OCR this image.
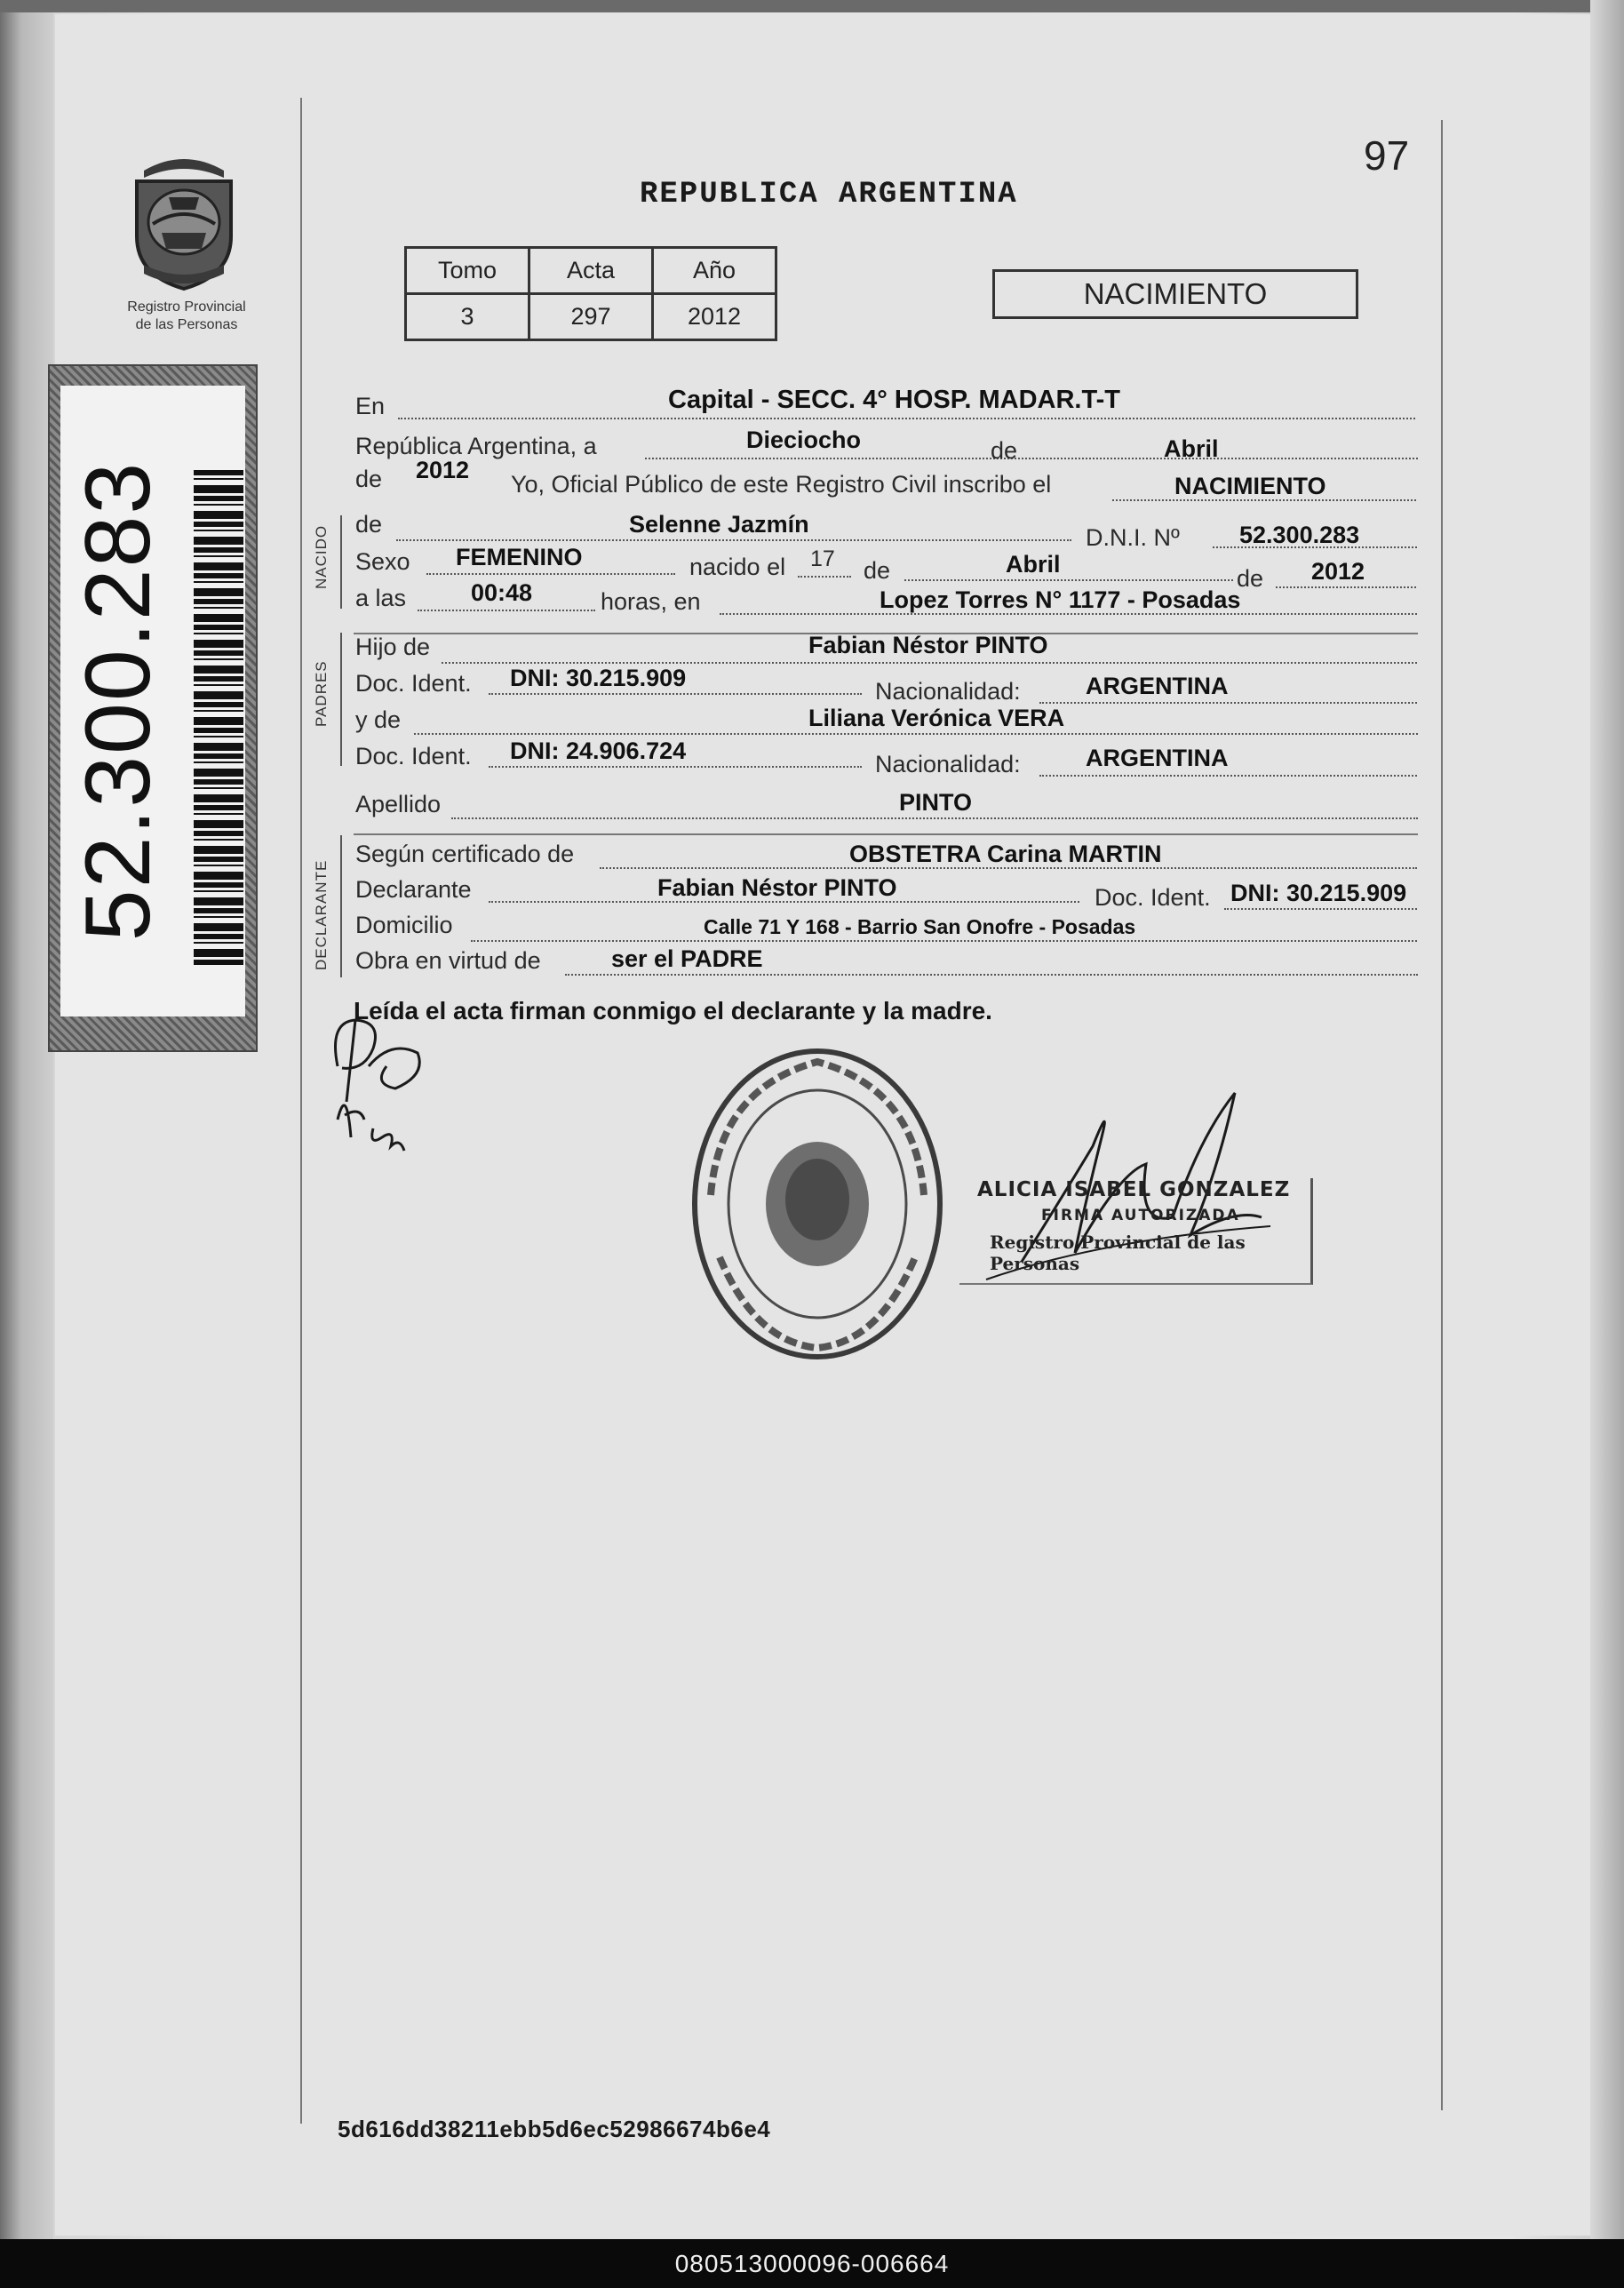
Registro Provincial
de las Personas
52.300.283
97
REPUBLICA ARGENTINA
Tomo	Acta	Año
3	297	2012
NACIMIENTO
NACIDO
PADRES
DECLARANTE
En	Capital - SECC. 4° HOSP. MADAR.T-T
República Argentina, a	Dieciocho	de	Abril
de 2012
Yo, Oficial Público de este Registro Civil inscribo el	NACIMIENTO
de	Selenne Jazmín	D.N.I. Nº 52.300.283
Sexo FEMENINO	nacido el 17 de	Abril
de 2012
a las	00:48	horas, en	Lopez Torres N° 1177 - Posadas
Hijo de	Fabian Néstor PINTO
Doc. Ident. DNI: 30.215.909	Nacionalidad:	ARGENTINA
y de	Liliana Verónica VERA
Doc. Ident. DNI: 24.906.724	Nacionalidad:	ARGENTINA
Apellido	PINTO
Según certificado de	OBSTETRA Carina MARTIN
Declarante	Fabian Néstor PINTO	Doc. Ident. DNI: 30.215.909
Domicilio	Calle 71 Y 168 - Barrio San Onofre - Posadas
Obra en virtud de	ser el PADRE
Leída el acta firman conmigo el declarante y la madre.
ALICIA ISABEL GONZALEZ
FIRMA AUTORIZADA
Registro Provincial de las Personas
5d616dd38211ebb5d6ec52986674b6e4
080513000096-006664
